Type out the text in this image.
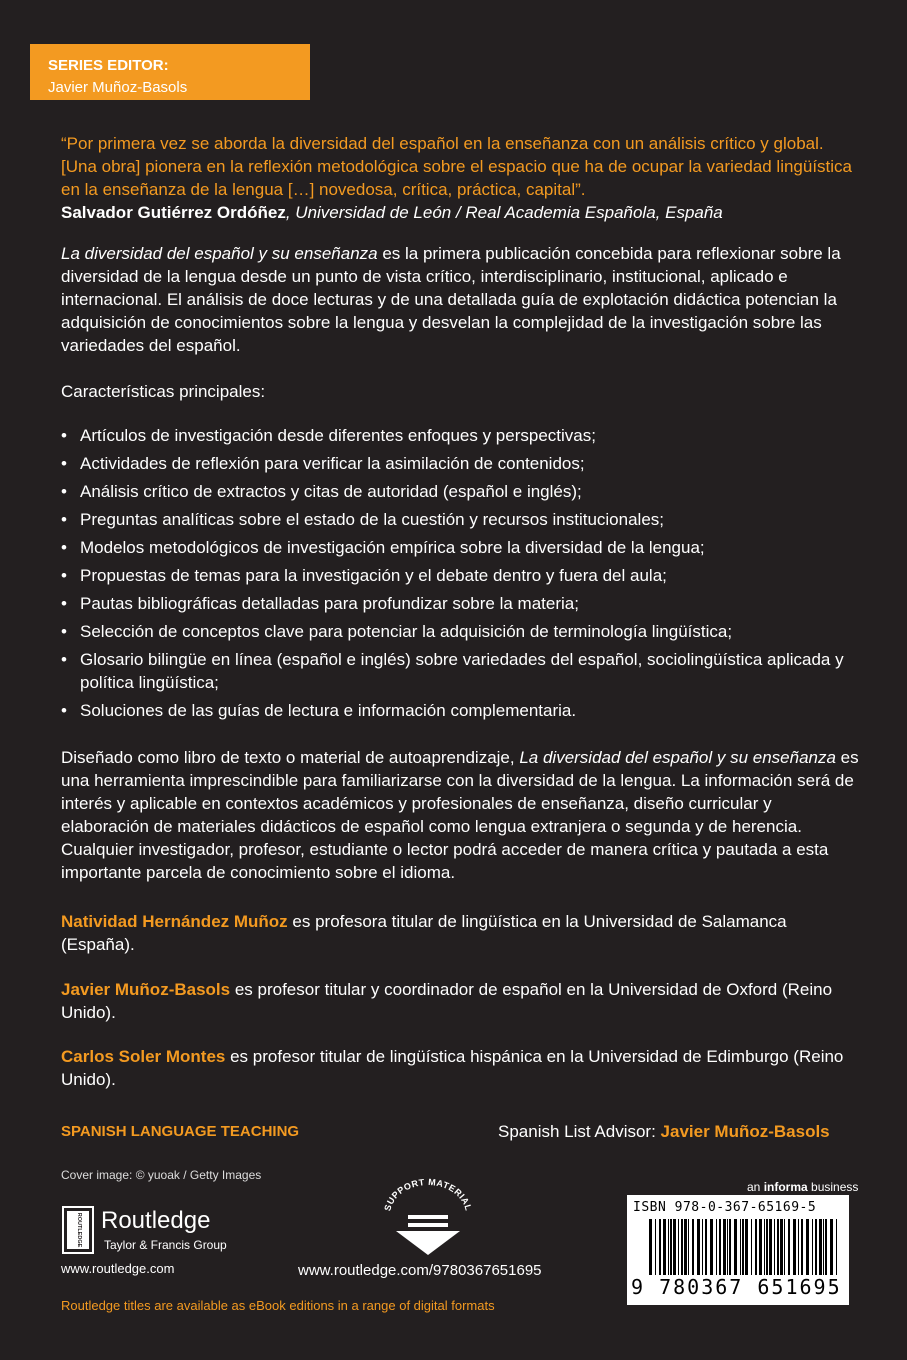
SERIES EDITOR:
Javier Muñoz-Basols
“Por primera vez se aborda la diversidad del español en la enseñanza con un análisis crítico y global. [Una obra] pionera en la reflexión metodológica sobre el espacio que ha de ocupar la variedad lingüística en la enseñanza de la lengua […] novedosa, crítica, práctica, capital”.
Salvador Gutiérrez Ordóñez, Universidad de León / Real Academia Española, España
La diversidad del español y su enseñanza es la primera publicación concebida para reflexionar sobre la diversidad de la lengua desde un punto de vista crítico, interdisciplinario, institucional, aplicado e internacional. El análisis de doce lecturas y de una detallada guía de explotación didáctica potencian la adquisición de conocimientos sobre la lengua y desvelan la complejidad de la investigación sobre las variedades del español.
Características principales:
• Artículos de investigación desde diferentes enfoques y perspectivas;
• Actividades de reflexión para verificar la asimilación de contenidos;
• Análisis crítico de extractos y citas de autoridad (español e inglés);
• Preguntas analíticas sobre el estado de la cuestión y recursos institucionales;
• Modelos metodológicos de investigación empírica sobre la diversidad de la lengua;
• Propuestas de temas para la investigación y el debate dentro y fuera del aula;
• Pautas bibliográficas detalladas para profundizar sobre la materia;
• Selección de conceptos clave para potenciar la adquisición de terminología lingüística;
• Glosario bilingüe en línea (español e inglés) sobre variedades del español, sociolingüística aplicada y política lingüística;
• Soluciones de las guías de lectura e información complementaria.
Diseñado como libro de texto o material de autoaprendizaje, La diversidad del español y su enseñanza es una herramienta imprescindible para familiarizarse con la diversidad de la lengua. La información será de interés y aplicable en contextos académicos y profesionales de enseñanza, diseño curricular y elaboración de materiales didácticos de español como lengua extranjera o segunda y de herencia. Cualquier investigador, profesor, estudiante o lector podrá acceder de manera crítica y pautada a esta importante parcela de conocimiento sobre el idioma.
Natividad Hernández Muñoz es profesora titular de lingüística en la Universidad de Salamanca (España).
Javier Muñoz-Basols es profesor titular y coordinador de español en la Universidad de Oxford (Reino Unido).
Carlos Soler Montes es profesor titular de lingüística hispánica en la Universidad de Edimburgo (Reino Unido).
SPANISH LANGUAGE TEACHING	Spanish List Advisor: Javier Muñoz-Basols
Cover image: © yuoak / Getty Images
ROUTLEDGE Routledge
Taylor & Francis Group
www.routledge.com
SUPPORT MATERIAL
www.routledge.com/9780367651695
an informa business
ISBN 978-0-367-65169-5
9 780367 651695
Routledge titles are available as eBook editions in a range of digital formats
